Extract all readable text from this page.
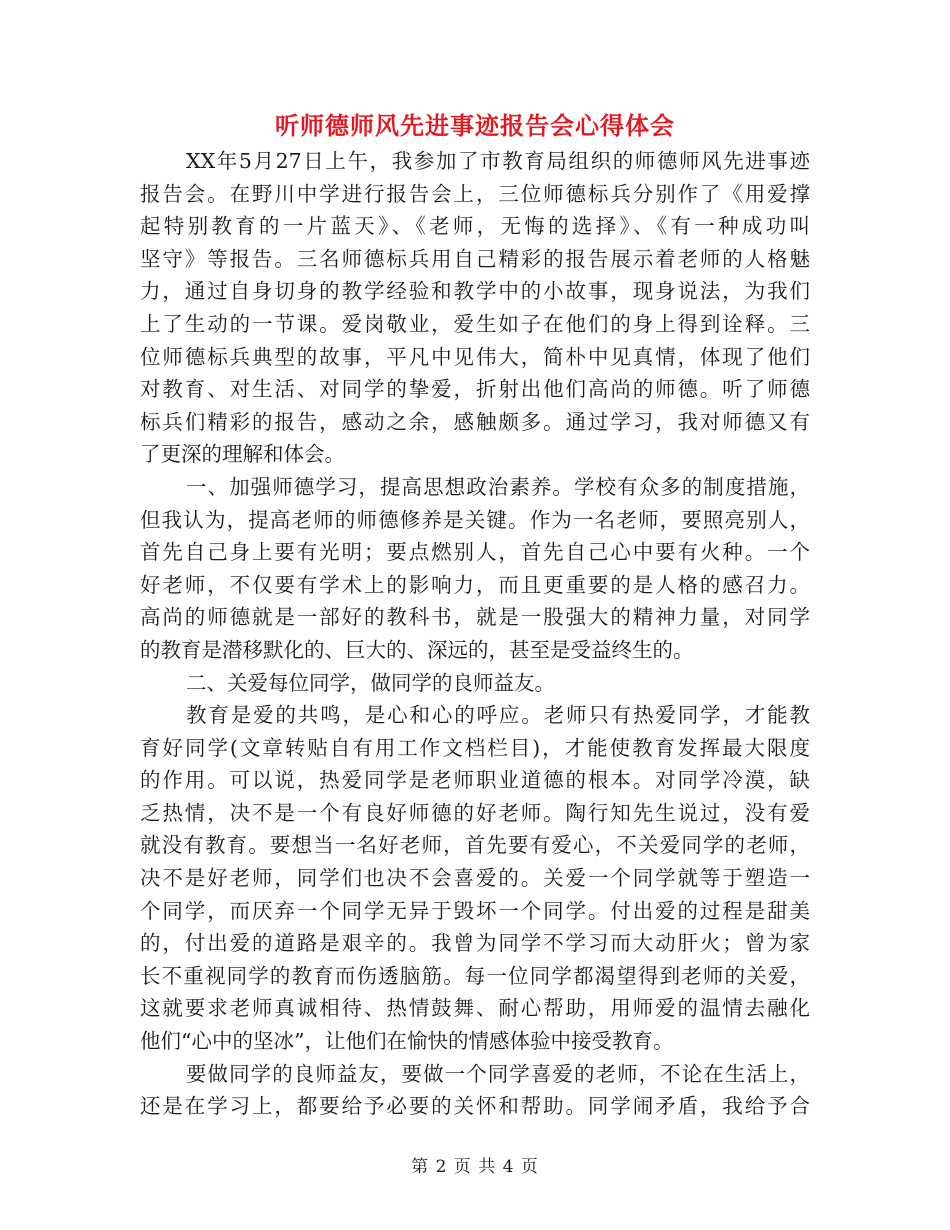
听师德师风先进事迹报告会心得体会
XX年5月27日上午，我参加了市教育局组织的师德师风先进事迹
报告会。在野川中学进行报告会上，三位师德标兵分别作了《用爱撑
起特别教育的一片蓝天》、《老师，无悔的选择》、《有一种成功叫
坚守》等报告。三名师德标兵用自己精彩的报告展示着老师的人格魅
力，通过自身切身的教学经验和教学中的小故事，现身说法，为我们
上了生动的一节课。爱岗敬业，爱生如子在他们的身上得到诠释。三
位师德标兵典型的故事，平凡中见伟大，简朴中见真情，体现了他们
对教育、对生活、对同学的挚爱，折射出他们高尚的师德。听了师德
标兵们精彩的报告，感动之余，感触颇多。通过学习，我对师德又有
了更深的理解和体会。
一、加强师德学习，提高思想政治素养。学校有众多的制度措施，
但我认为，提高老师的师德修养是关键。作为一名老师，要照亮别人，
首先自己身上要有光明；要点燃别人，首先自己心中要有火种。一个
好老师，不仅要有学术上的影响力，而且更重要的是人格的感召力。
高尚的师德就是一部好的教科书，就是一股强大的精神力量，对同学
的教育是潜移默化的、巨大的、深远的，甚至是受益终生的。
二、关爱每位同学，做同学的良师益友。
教育是爱的共鸣，是心和心的呼应。老师只有热爱同学，才能教
育好同学(文章转贴自有用工作文档栏目)，才能使教育发挥最大限度
的作用。可以说，热爱同学是老师职业道德的根本。对同学冷漠，缺
乏热情，决不是一个有良好师德的好老师。陶行知先生说过，没有爱
就没有教育。要想当一名好老师，首先要有爱心，不关爱同学的老师，
决不是好老师，同学们也决不会喜爱的。关爱一个同学就等于塑造一
个同学，而厌弃一个同学无异于毁坏一个同学。付出爱的过程是甜美
的，付出爱的道路是艰辛的。我曾为同学不学习而大动肝火；曾为家
长不重视同学的教育而伤透脑筋。每一位同学都渴望得到老师的关爱，
这就要求老师真诚相待、热情鼓舞、耐心帮助，用师爱的温情去融化
他们“心中的坚冰”，让他们在愉快的情感体验中接受教育。
要做同学的良师益友，要做一个同学喜爱的老师，不论在生活上，
还是在学习上，都要给予必要的关怀和帮助。同学闹矛盾，我给予合
第 2 页 共 4 页
